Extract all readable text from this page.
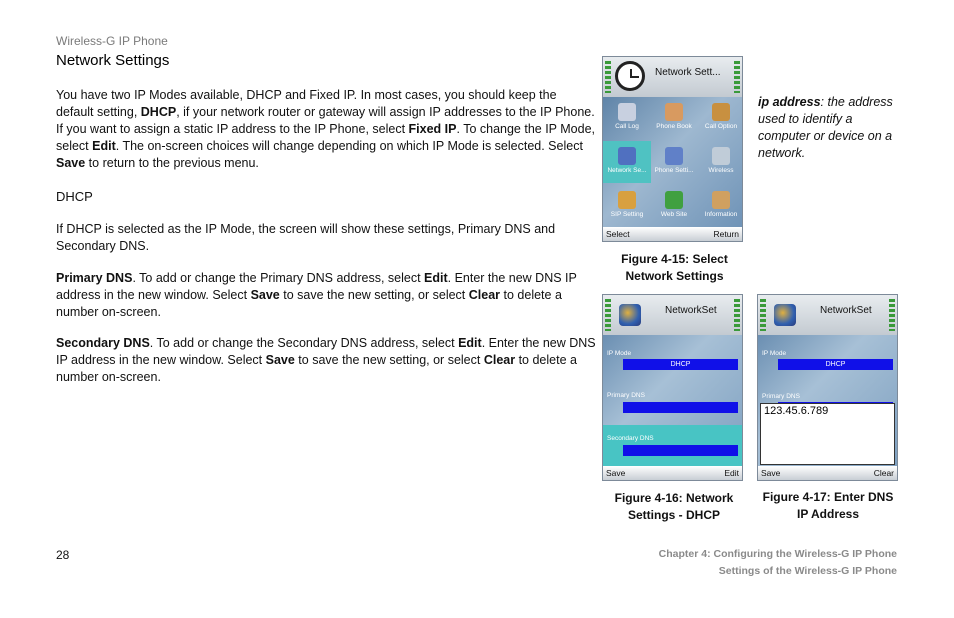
Wireless-G IP Phone
Network Settings
You have two IP Modes available, DHCP and Fixed IP. In most cases, you should keep the default setting, DHCP, if your network router or gateway will assign IP addresses to the IP Phone. If you want to assign a static IP address to the IP Phone, select Fixed IP. To change the IP Mode, select Edit. The on-screen choices will change depending on which IP Mode is selected. Select Save to return to the previous menu.
DHCP
If DHCP is selected as the IP Mode, the screen will show these settings, Primary DNS and Secondary DNS.
Primary DNS. To add or change the Primary DNS address, select Edit. Enter the new DNS IP address in the new window. Select Save to save the new setting, or select Clear to delete a number on-screen.
Secondary DNS. To add or change the Secondary DNS address, select Edit. Enter the new DNS IP address in the new window. Select Save to save the new setting, or select Clear to delete a number on-screen.
ip address: the address used to identify a computer or device on a network.
Network Sett...
Call Log	Phone Book	Call Option
Network Se...	Phone Setti...	Wireless
SIP Setting	Web Site	Information
Select	Return
Figure 4-15: Select
Network Settings
NetworkSet
IP Mode
DHCP
Primary DNS
Secondary DNS
Save	Edit
Figure 4-16: Network
Settings - DHCP
NetworkSet
IP Mode
DHCP
Primary DNS
123.45.6.789
Save	Clear
Figure 4-17: Enter DNS
IP Address
28	Chapter 4: Configuring the Wireless-G IP Phone
Settings of the Wireless-G IP Phone
